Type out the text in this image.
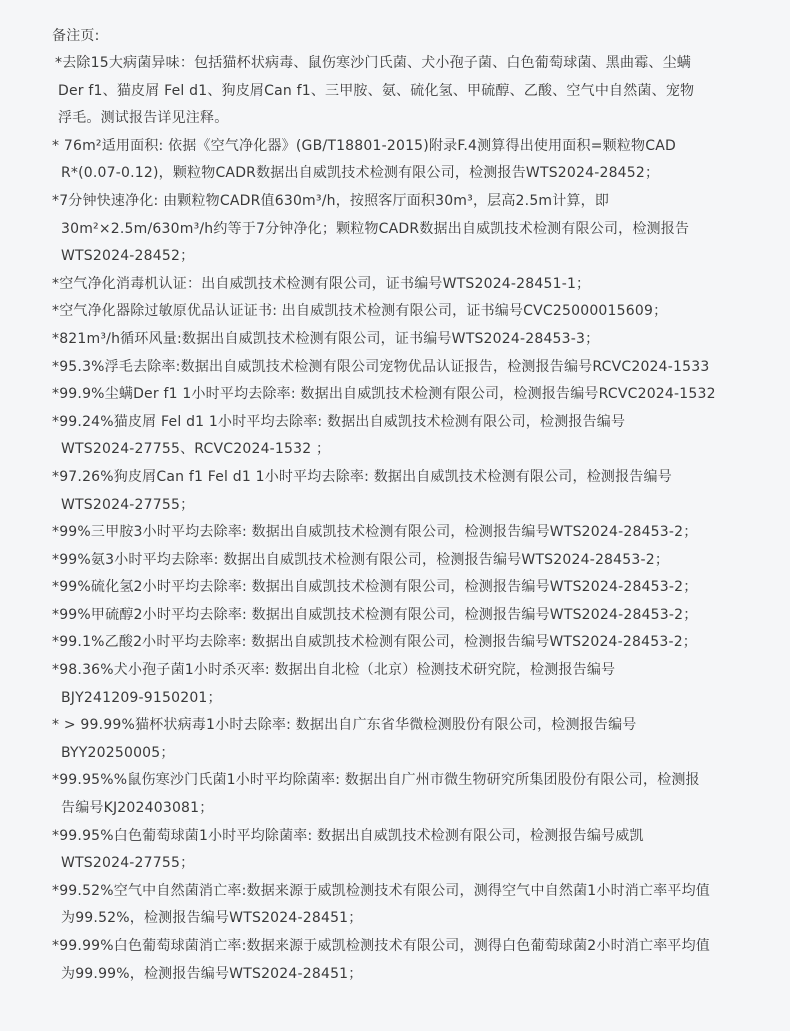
备注页:
*去除15大病菌异味：包括猫杯状病毒、鼠伤寒沙门氏菌、犬小孢子菌、白色葡萄球菌、黑曲霉、尘螨
Der f1、猫皮屑 Fel d1、狗皮屑Can f1、三甲胺、氨、硫化氢、甲硫醇、乙酸、空气中自然菌、宠物
浮毛。测试报告详见注释。
* 76m²适用面积: 依据《空气净化器》(GB/T18801-2015)附录F.4测算得出使用面积=颗粒物CAD
R*(0.07-0.12)，颗粒物CADR数据出自威凯技术检测有限公司，检测报告WTS2024-28452；
*7分钟快速净化: 由颗粒物CADR值630m³/h，按照客厅面积30m³，层高2.5m计算，即
30m²×2.5m/630m³/h约等于7分钟净化；颗粒物CADR数据出自威凯技术检测有限公司，检测报告
WTS2024-28452；
*空气净化消毒机认证：出自威凯技术检测有限公司，证书编号WTS2024-28451-1；
*空气净化器除过敏原优品认证证书: 出自威凯技术检测有限公司，证书编号CVC25000015609；
*821m³/h循环风量:数据出自威凯技术检测有限公司，证书编号WTS2024-28453-3；
*95.3%浮毛去除率:数据出自威凯技术检测有限公司宠物优品认证报告，检测报告编号RCVC2024-1533
*99.9%尘螨Der f1 1小时平均去除率: 数据出自威凯技术检测有限公司，检测报告编号RCVC2024-1532
*99.24%猫皮屑 Fel d1 1小时平均去除率: 数据出自威凯技术检测有限公司，检测报告编号
WTS2024-27755、RCVC2024-1532 ；
*97.26%狗皮屑Can f1 Fel d1 1小时平均去除率: 数据出自威凯技术检测有限公司，检测报告编号
WTS2024-27755；
*99%三甲胺3小时平均去除率: 数据出自威凯技术检测有限公司，检测报告编号WTS2024-28453-2；
*99%氨3小时平均去除率: 数据出自威凯技术检测有限公司，检测报告编号WTS2024-28453-2；
*99%硫化氢2小时平均去除率: 数据出自威凯技术检测有限公司，检测报告编号WTS2024-28453-2；
*99%甲硫醇2小时平均去除率: 数据出自威凯技术检测有限公司，检测报告编号WTS2024-28453-2；
*99.1%乙酸2小时平均去除率: 数据出自威凯技术检测有限公司，检测报告编号WTS2024-28453-2；
*98.36%犬小孢子菌1小时杀灭率: 数据出自北检（北京）检测技术研究院，检测报告编号
BJY241209-9150201；
* > 99.99%猫杯状病毒1小时去除率: 数据出自广东省华微检测股份有限公司，检测报告编号
BYY20250005；
*99.95%%鼠伤寒沙门氏菌1小时平均除菌率: 数据出自广州市微生物研究所集团股份有限公司，检测报
告编号KJ202403081；
*99.95%白色葡萄球菌1小时平均除菌率: 数据出自威凯技术检测有限公司，检测报告编号威凯
WTS2024-27755；
*99.52%空气中自然菌消亡率:数据来源于威凯检测技术有限公司，测得空气中自然菌1小时消亡率平均值
为99.52%，检测报告编号WTS2024-28451；
*99.99%白色葡萄球菌消亡率:数据来源于威凯检测技术有限公司，测得白色葡萄球菌2小时消亡率平均值
为99.99%，检测报告编号WTS2024-28451；
